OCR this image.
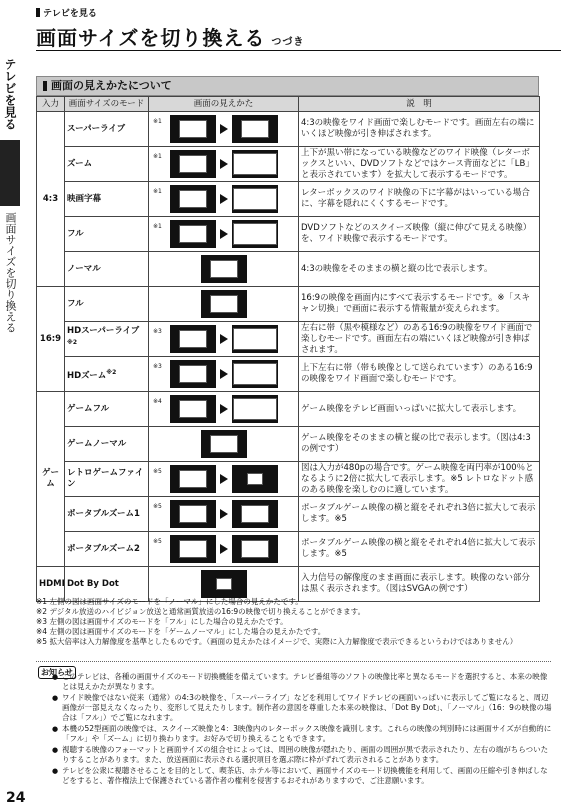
テレビを見る
画面サイズを切り換える つづき
テレビを見る
画面サイズを切り換える
$^{画面の見えかたについて}$
入力	画面サイズのモード	画面の見えかた	説　明
4:3	スーパーライブ	※1	4:3の映像をワイド画面で楽しむモードです。画面左右の端にいくほど映像が引き伸ばされます。
	ズーム	※1	上下が黒い帯になっている映像などのワイド映像（レターボックスといい、DVDソフトなどではケース背面などに「LB」と表示されています）を拡大して表示するモードです。
	映画字幕	※1	レターボックスのワイド映像の下に字幕がはいっている場合に、字幕を隠れにくくするモードです。
	フル	※1	DVDソフトなどのスクイーズ映像（縦に伸びて見える映像）を、ワイド映像で表示するモードです。
	ノーマル		4:3の映像をそのままの横と縦の比で表示します。
16:9	フル		16:9の映像を画面内にすべて表示するモードです。※「スキャン切換」で画面に表示する情報量が変えられます。
	HDスーパーライブ$^{※2}$	※3	左右に帯（黒や模様など）のある16:9の映像をワイド画面で楽しむモードです。画面左右の端にいくほど映像が引き伸ばされます。
	HDズーム$^{※2}$	※3	上下左右に帯（帯も映像として送られています）のある16:9の映像をワイド画面で楽しむモードです。
ゲーム	ゲームフル	※4	ゲーム映像をテレビ画面いっぱいに拡大して表示します。
	ゲームノーマル		ゲーム映像をそのままの横と縦の比で表示します。（図は4:3の例です）
	レトロゲームファイン	※5	図は入力が480pの場合です。ゲーム映像を両円率が100％となるように2倍に拡大して表示します。※5 レトロなドット感のある映像を楽しむのに適しています。
	ポータブルズーム1	※5	ポータブルゲーム映像の横と縦をそれぞれ3倍に拡大して表示します。※5
	ポータブルズーム2	※5	ポータブルゲーム映像の横と縦をそれぞれ4倍に拡大して表示します。※5
HDMI	Dot By Dot		入力信号の解像度のまま画面に表示します。映像のない部分は黒く表示されます。（図はSVGAの例です）
※1 左側の図は画面サイズのモードを「ノーマル」にした場合の見えかたです。
※2 デジタル放送のハイビジョン放送と通常画質放送の16:9の映像で切り換えることができます。
※3 左側の図は画面サイズのモードを「フル」にした場合の見えかたです。
※4 左側の図は画面サイズのモードを「ゲームノーマル」にした場合の見えかたです。
※5 拡大倍率は入力解像度を基準としたものです。（画面の見えかたはイメージで、実際に入力解像度で表示できるというわけではありません）
お知らせ
● このテレビは、各種の画面サイズのモード切換機能を備えています。テレビ番組等のソフトの映像比率と異なるモードを選択すると、本来の映像とは見えかたが異なります。
● ワイド映像ではない従来（通常）の4:3の映像を、「スーパーライブ」などを利用してワイドテレビの画面いっぱいに表示してご覧になると、周辺画像が一部見えなくなったり、変形して見えたりします。制作者の意図を尊重した本来の映像は、「Dot By Dot」、「ノーマル」（16：9の映像の場合は「フル」）でご覧になれます。
● 本機の52型画面の映像では、スクイーズ映像と4：3映像内のレターボックス映像を識別します。これらの映像の判別時には画面サイズが自動的に「フル」や「ズーム」に切り換わります。お好みで切り換えることもできます。
● 視聴する映像のフォーマットと画面サイズの組合せによっては、周囲の映像が隠れたり、画面の周囲が黒で表示されたり、左右の端がちらついたりすることがあります。また、放送画面に表示される選択項目を選ぶ際に枠がずれて表示されることがあります。
● テレビを公衆に視聴させることを目的として、喫茶店、ホテル等において、画面サイズのモード切換機能を利用して、画面の圧縮や引き伸ばしなどをすると、著作権法上で保護されている著作者の権利を侵害するおそれがありますので、ご注意願います。
24
